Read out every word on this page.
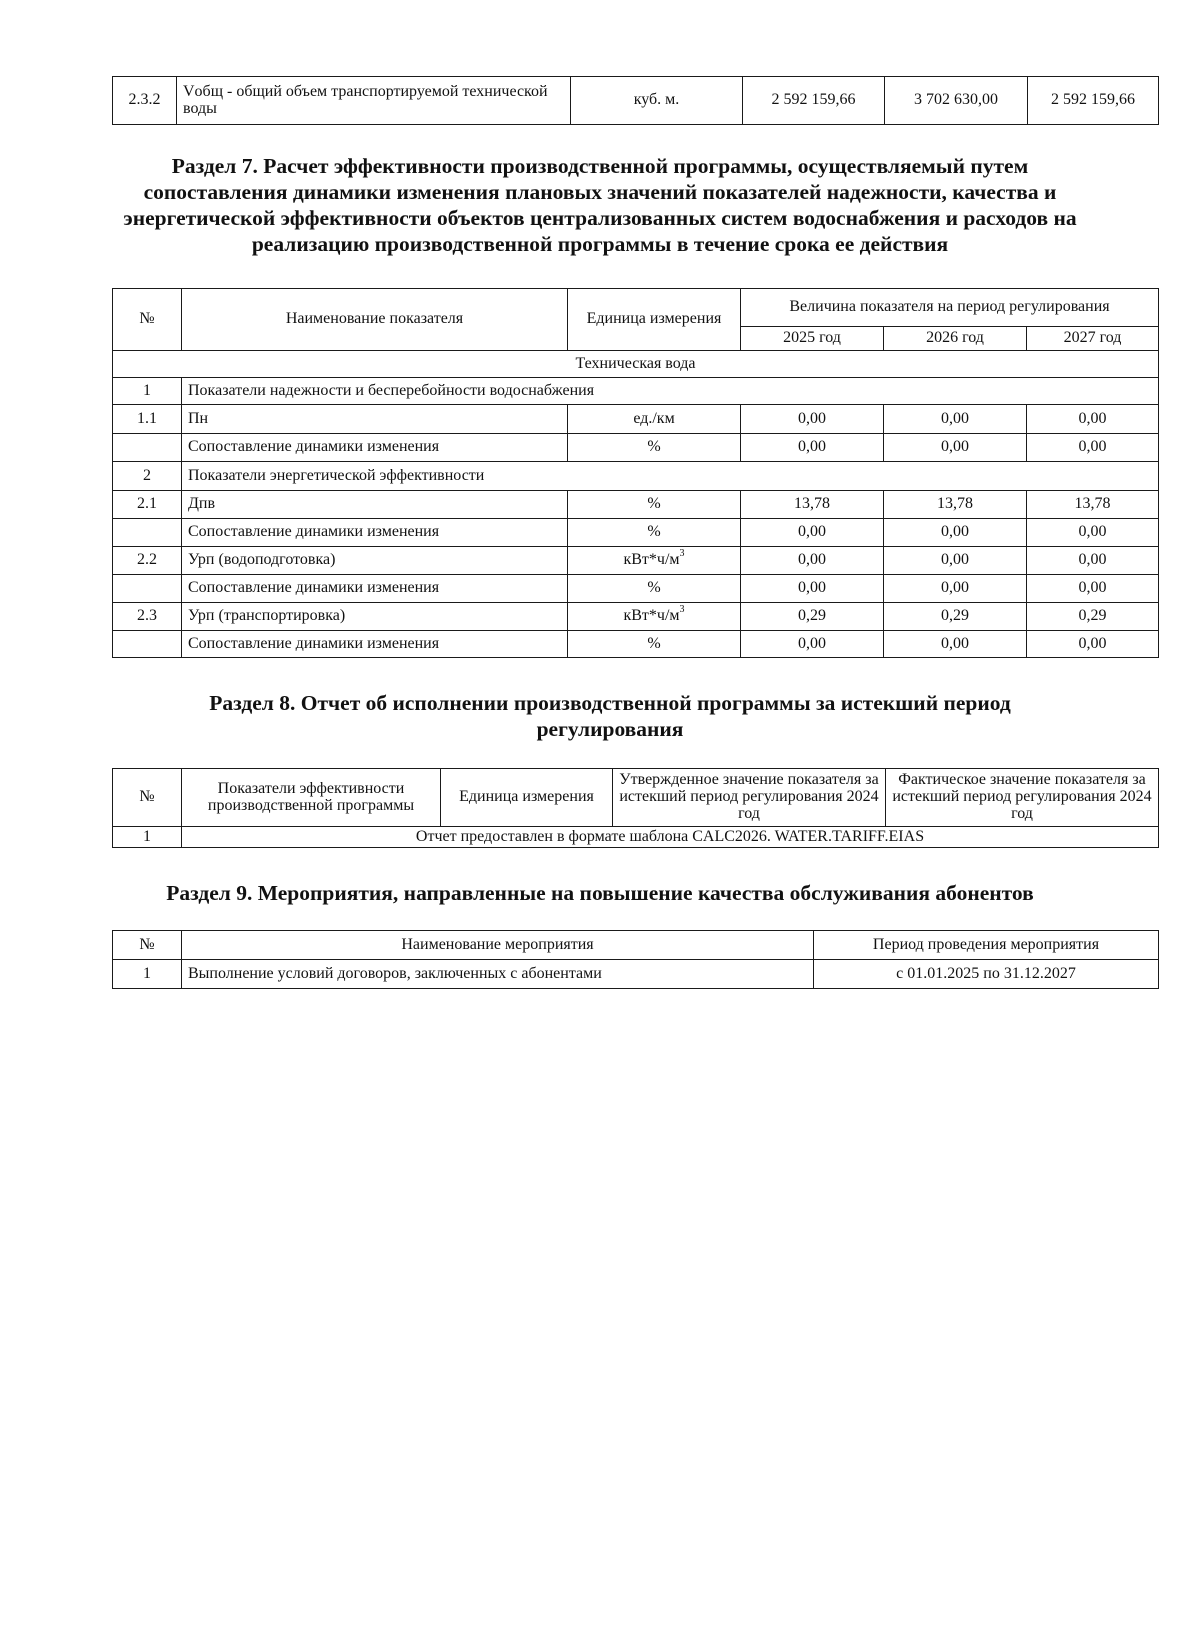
2.3.2	Vобщ - общий объем транспортируемой технической воды	куб. м.	2 592 159,66	3 702 630,00	2 592 159,66
Раздел 7. Расчет эффективности производственной программы, осуществляемый путем сопоставления динамики изменения плановых значений показателей надежности, качества и энергетической эффективности объектов централизованных систем водоснабжения и расходов на реализацию производственной программы в течение срока ее действия
№	Наименование показателя	Единица измерения	Величина показателя на период регулирования		
			2025 год	2026 год	2027 год
Техническая вода					
1	Показатели надежности и бесперебойности водоснабжения				
1.1	Пн	ед./км	0,00	0,00	0,00
	Сопоставление динамики изменения	%	0,00	0,00	0,00
2	Показатели энергетической эффективности				
2.1	Дпв	%	13,78	13,78	13,78
	Сопоставление динамики изменения	%	0,00	0,00	0,00
2.2	Урп (водоподготовка)	$кВт*ч/м^3$	0,00	0,00	0,00
	Сопоставление динамики изменения	%	0,00	0,00	0,00
2.3	Урп (транспортировка)	$кВт*ч/м^3$	0,29	0,29	0,29
	Сопоставление динамики изменения	%	0,00	0,00	0,00
Раздел 8. Отчет об исполнении производственной программы за истекший период регулирования
№	Показатели эффективности производственной программы	Единица измерения	Утвержденное значение показателя за истекший период регулирования 2024 год	Фактическое значение показателя за истекший период регулирования 2024 год
1	Отчет предоставлен в формате шаблона CALC2026. WATER.TARIFF.EIAS			
Раздел 9. Мероприятия, направленные на повышение качества обслуживания абонентов
№	Наименование мероприятия	Период проведения мероприятия
1	Выполнение условий договоров, заключенных с абонентами	с 01.01.2025 по 31.12.2027
